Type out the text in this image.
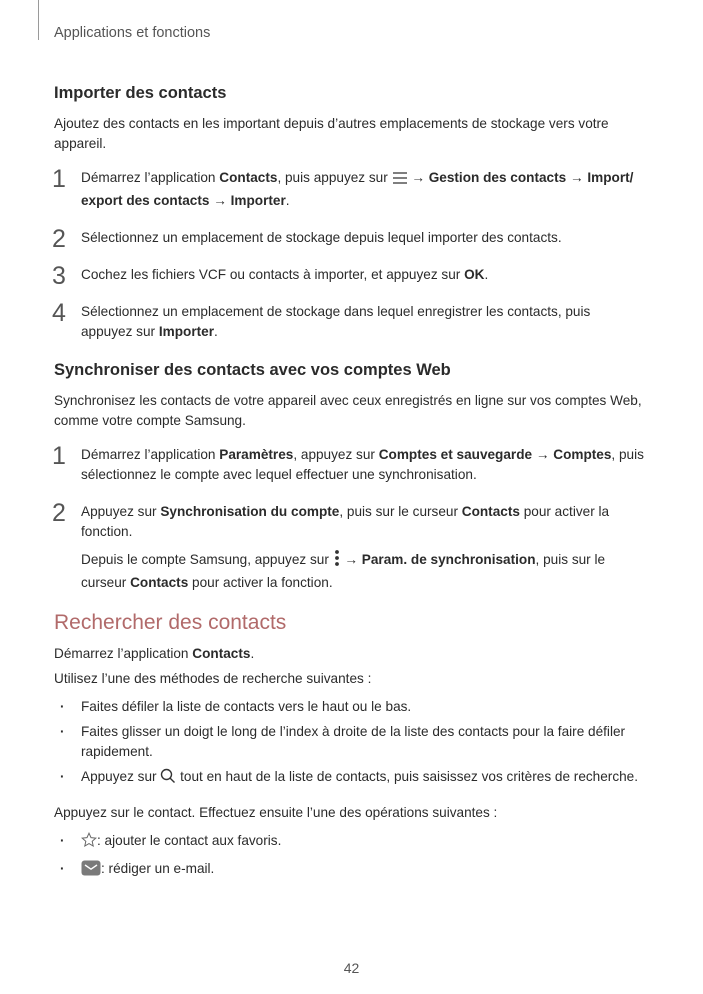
Applications et fonctions
Importer des contacts

Ajoutez des contacts en les important depuis d’autres emplacements de stockage vers votre appareil.

1 Démarrez l’application Contacts, puis appuyez sur  → Gestion des contacts → Import/ export des contacts → Importer.

2 Sélectionnez un emplacement de stockage depuis lequel importer des contacts.

3 Cochez les fichiers VCF ou contacts à importer, et appuyez sur OK.

4 Sélectionnez un emplacement de stockage dans lequel enregistrer les contacts, puis appuyez sur Importer.

Synchroniser des contacts avec vos comptes Web

Synchronisez les contacts de votre appareil avec ceux enregistrés en ligne sur vos comptes Web, comme votre compte Samsung.

1 Démarrez l’application Paramètres, appuyez sur Comptes et sauvegarde → Comptes, puis sélectionnez le compte avec lequel effectuer une synchronisation.

2 Appuyez sur Synchronisation du compte, puis sur le curseur Contacts pour activer la fonction.

Depuis le compte Samsung, appuyez sur  → Param. de synchronisation, puis sur le curseur Contacts pour activer la fonction.

Rechercher des contacts

Démarrez l’application Contacts.

Utilisez l’une des méthodes de recherche suivantes :

· Faites défiler la liste de contacts vers le haut ou le bas.
· Faites glisser un doigt le long de l’index à droite de la liste des contacts pour la faire défiler rapidement.
· Appuyez sur  tout en haut de la liste de contacts, puis saisissez vos critères de recherche.

Appuyez sur le contact. Effectuez ensuite l’une des opérations suivantes :

· : ajouter le contact aux favoris.
· : rédiger un e-mail.
42
